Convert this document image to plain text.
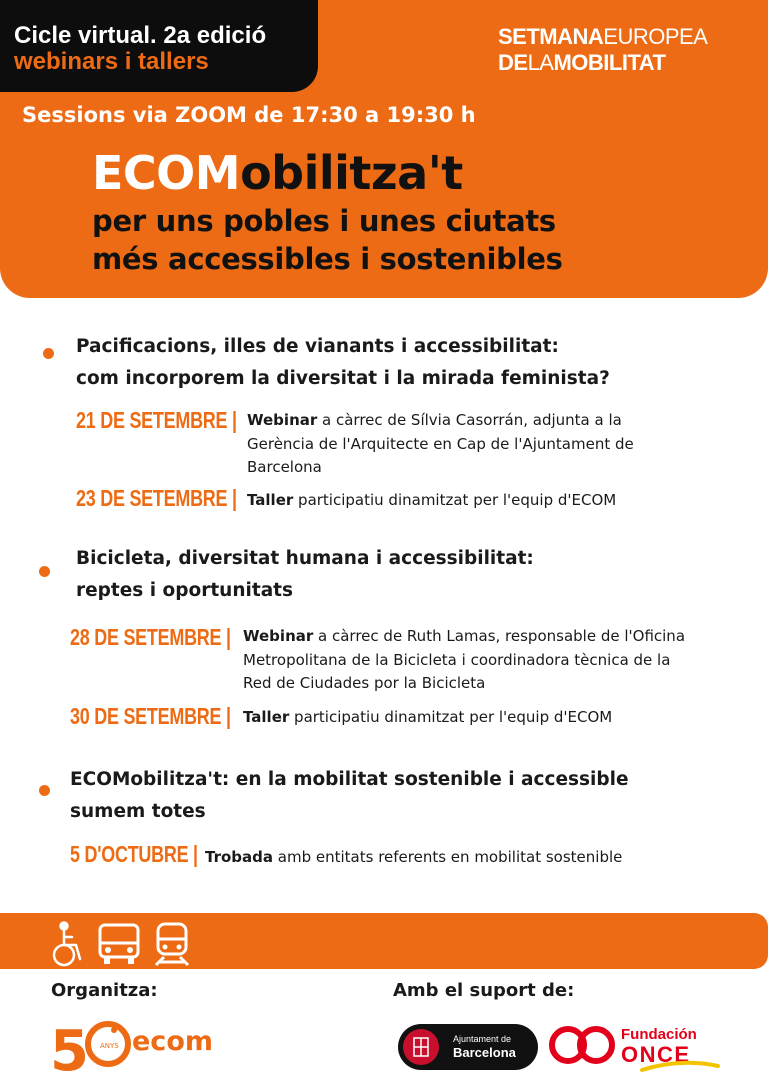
Cicle virtual. 2a edició
webinars i tallers
SETMANAEUROPEA
DELAMOBILITAT
Sessions via ZOOM de 17:30 a 19:30 h
ECOMobilitza't
per uns pobles i unes ciutats
més accessibles i sostenibles
Pacificacions, illes de vianants i accessibilitat:
com incorporem la diversitat i la mirada feminista?
21 DE SETEMBRE | Webinar a càrrec de Sílvia Casorrán, adjunta a la Gerència de l'Arquitecte en Cap de l'Ajuntament de Barcelona
23 DE SETEMBRE | Taller participatiu dinamitzat per l'equip d'ECOM
Bicicleta, diversitat humana i accessibilitat:
reptes i oportunitats
28 DE SETEMBRE | Webinar a càrrec de Ruth Lamas, responsable de l'Oficina Metropolitana de la Bicicleta i coordinadora tècnica de la Red de Ciudades por la Bicicleta
30 DE SETEMBRE | Taller participatiu dinamitzat per l'equip d'ECOM
ECOMobilitza't: en la mobilitat sostenible i accessible
sumem totes
5 D'OCTUBRE | Trobada amb entitats referents en mobilitat sostenible
Organitza:	Amb el suport de:
5 ANYS ecom	Ajuntament de
Barcelona
Fundación
ONCE
